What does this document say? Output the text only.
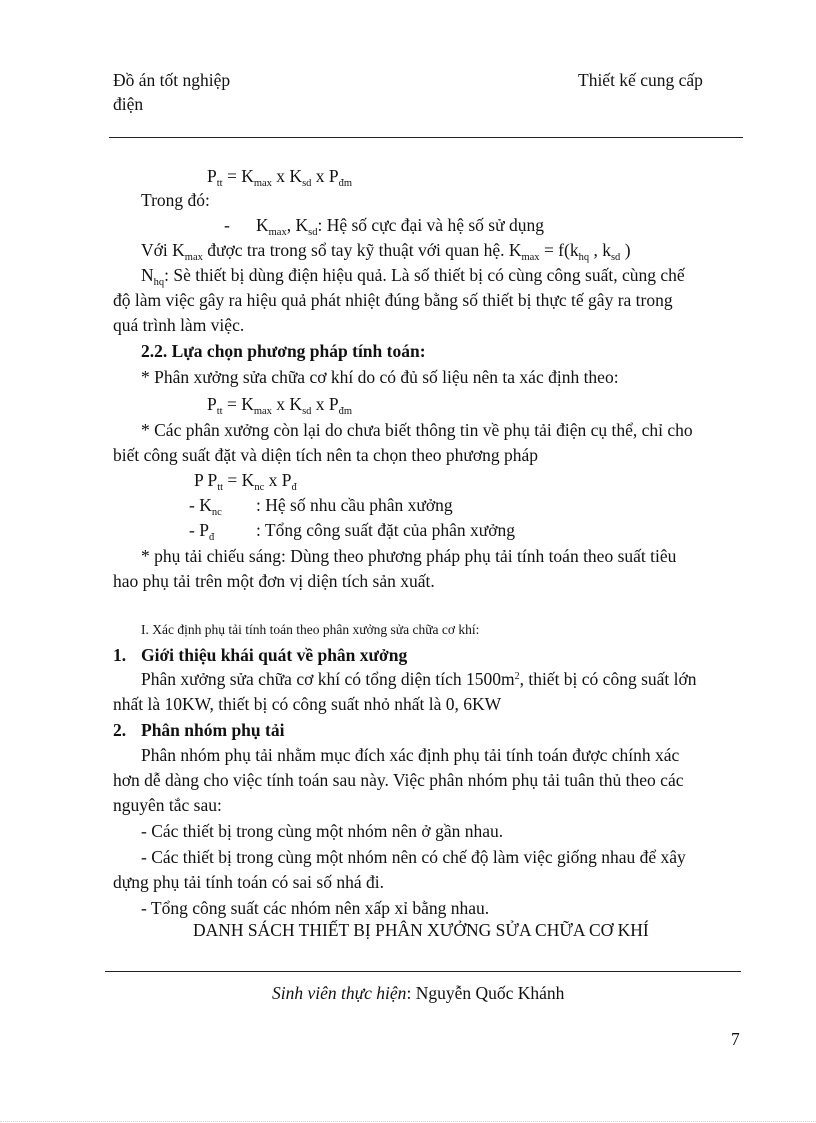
Đồ án tốt nghiệp
điện
Thiết kế cung cấp
$P_{tt} = K_{max}$ x $K_{sd}$ x $P_{đm}$
Trong đó:
- $K_{max}$, $K_{sd}$: Hệ số cực đại và hệ số sử dụng
Với $K_{max}$ được tra trong sổ tay kỹ thuật với quan hệ. $K_{max} = f(k_{hq}$ , $k_{sd}$ )
$N_{hq}$: Sè thiết bị dùng điện hiệu quả. Là số thiết bị có cùng công suất, cùng chế
độ làm việc gây ra hiệu quả phát nhiệt đúng bằng số thiết bị thực tế gây ra trong
quá trình làm việc.
2.2. Lựa chọn phương pháp tính toán:
* Phân xưởng sửa chữa cơ khí do có đủ số liệu nên ta xác định theo:
$P_{tt} = K_{max}$ x $K_{sd}$ x $P_{đm}$
* Các phân xưởng còn lại do chưa biết thông tin về phụ tải điện cụ thể, chỉ cho
biết công suất đặt và diện tích nên ta chọn theo phương pháp
P $P_{tt} = K_{nc}$ x $P_đ$
- $K_{nc}$ : Hệ số nhu cầu phân xưởng
- $P_đ$ : Tổng công suất đặt của phân xưởng
* phụ tải chiếu sáng: Dùng theo phương pháp phụ tải tính toán theo suất tiêu
hao phụ tải trên một đơn vị diện tích sản xuất.
I. Xác định phụ tải tính toán theo phân xưởng sửa chữa cơ khí:
1. Giới thiệu khái quát về phân xưởng
Phân xưởng sửa chữa cơ khí có tổng diện tích $1500m^2$, thiết bị có công suất lớn
nhất là 10KW, thiết bị có công suất nhỏ nhất là 0, 6KW
2. Phân nhóm phụ tải
Phân nhóm phụ tải nhằm mục đích xác định phụ tải tính toán được chính xác
hơn dễ dàng cho việc tính toán sau này. Việc phân nhóm phụ tải tuân thủ theo các
nguyên tắc sau:
- Các thiết bị trong cùng một nhóm nên ở gần nhau.
- Các thiết bị trong cùng một nhóm nên có chế độ làm việc giống nhau để xây
dựng phụ tải tính toán có sai số nhá đi.
- Tổng công suất các nhóm nên xấp xỉ bằng nhau.
DANH SÁCH THIẾT BỊ PHÂN XƯỞNG SỬA CHỮA CƠ KHÍ
Sinh viên thực hiện: Nguyễn Quốc Khánh
7
